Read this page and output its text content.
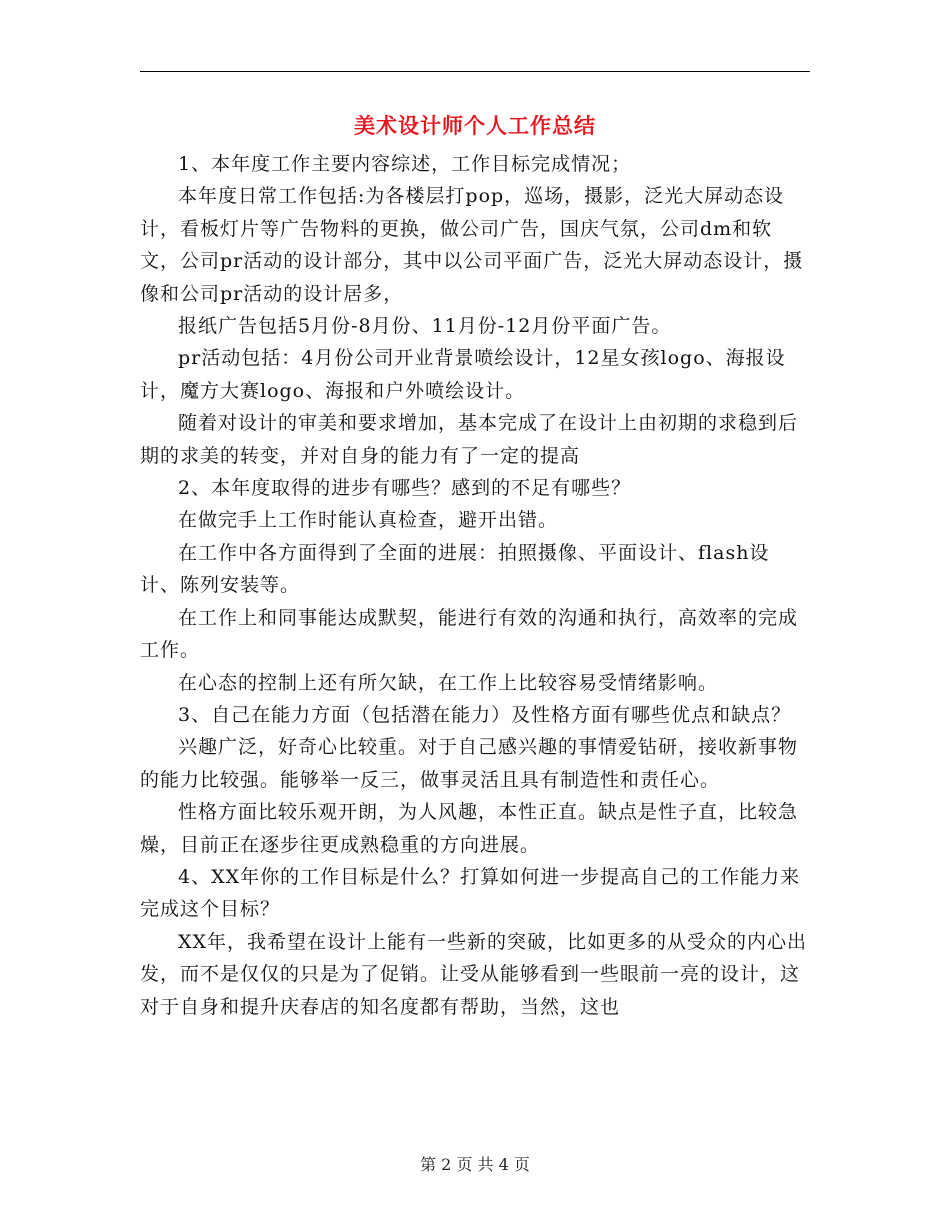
美术设计师个人工作总结

1、本年度工作主要内容综述，工作目标完成情况；

本年度日常工作包括:为各楼层打pop，巡场，摄影，泛光大屏动态设计，看板灯片等广告物料的更换，做公司广告，国庆气氛，公司dm和软文，公司pr活动的设计部分，其中以公司平面广告，泛光大屏动态设计，摄像和公司pr活动的设计居多，

报纸广告包括5月份-8月份、11月份-12月份平面广告。

pr活动包括：4月份公司开业背景喷绘设计，12星女孩logo、海报设计，魔方大赛logo、海报和户外喷绘设计。

随着对设计的审美和要求增加，基本完成了在设计上由初期的求稳到后期的求美的转变，并对自身的能力有了一定的提高

2、本年度取得的进步有哪些？感到的不足有哪些？

在做完手上工作时能认真检查，避开出错。

在工作中各方面得到了全面的进展：拍照摄像、平面设计、flash设计、陈列安装等。

在工作上和同事能达成默契，能进行有效的沟通和执行，高效率的完成工作。

在心态的控制上还有所欠缺，在工作上比较容易受情绪影响。

3、自己在能力方面（包括潜在能力）及性格方面有哪些优点和缺点？

兴趣广泛，好奇心比较重。对于自己感兴趣的事情爱钻研，接收新事物的能力比较强。能够举一反三，做事灵活且具有制造性和责任心。

性格方面比较乐观开朗，为人风趣，本性正直。缺点是性子直，比较急燥，目前正在逐步往更成熟稳重的方向进展。

4、XX年你的工作目标是什么？打算如何进一步提高自己的工作能力来完成这个目标？

XX年，我希望在设计上能有一些新的突破，比如更多的从受众的内心出发，而不是仅仅的只是为了促销。让受从能够看到一些眼前一亮的设计，这对于自身和提升庆春店的知名度都有帮助，当然，这也

第 2 页 共 4 页
